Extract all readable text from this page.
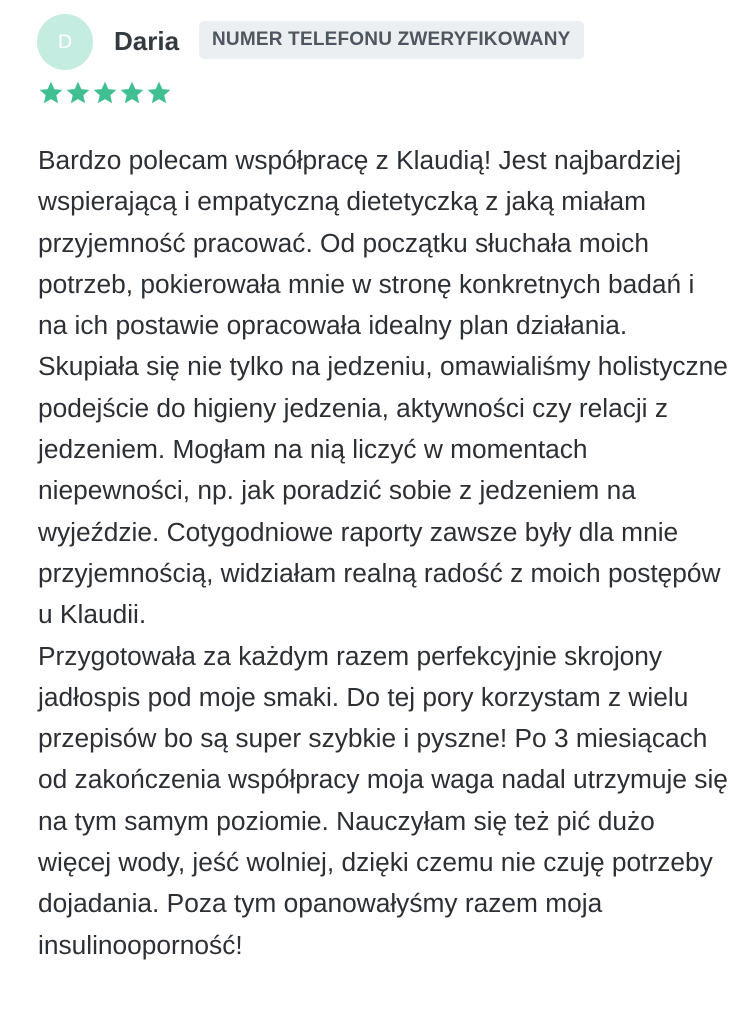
D Daria	NUMER TELEFONU ZWERYFIKOWANY

Bardzo polecam współpracę z Klaudią! Jest najbardziej wspierającą i empatyczną dietetyczką z jaką miałam przyjemność pracować. Od początku słuchała moich potrzeb, pokierowała mnie w stronę konkretnych badań i na ich postawie opracowała idealny plan działania. Skupiała się nie tylko na jedzeniu, omawialiśmy holistyczne podejście do higieny jedzenia, aktywności czy relacji z jedzeniem. Mogłam na nią liczyć w momentach niepewności, np. jak poradzić sobie z jedzeniem na wyjeździe. Cotygodniowe raporty zawsze były dla mnie przyjemnością, widziałam realną radość z moich postępów u Klaudii.

Przygotowała za każdym razem perfekcyjnie skrojony jadłospis pod moje smaki. Do tej pory korzystam z wielu przepisów bo są super szybkie i pyszne! Po 3 miesiącach od zakończenia współpracy moja waga nadal utrzymuje się na tym samym poziomie. Nauczyłam się też pić dużo więcej wody, jeść wolniej, dzięki czemu nie czuję potrzeby dojadania. Poza tym opanowałyśmy razem moja insulinooporność!
